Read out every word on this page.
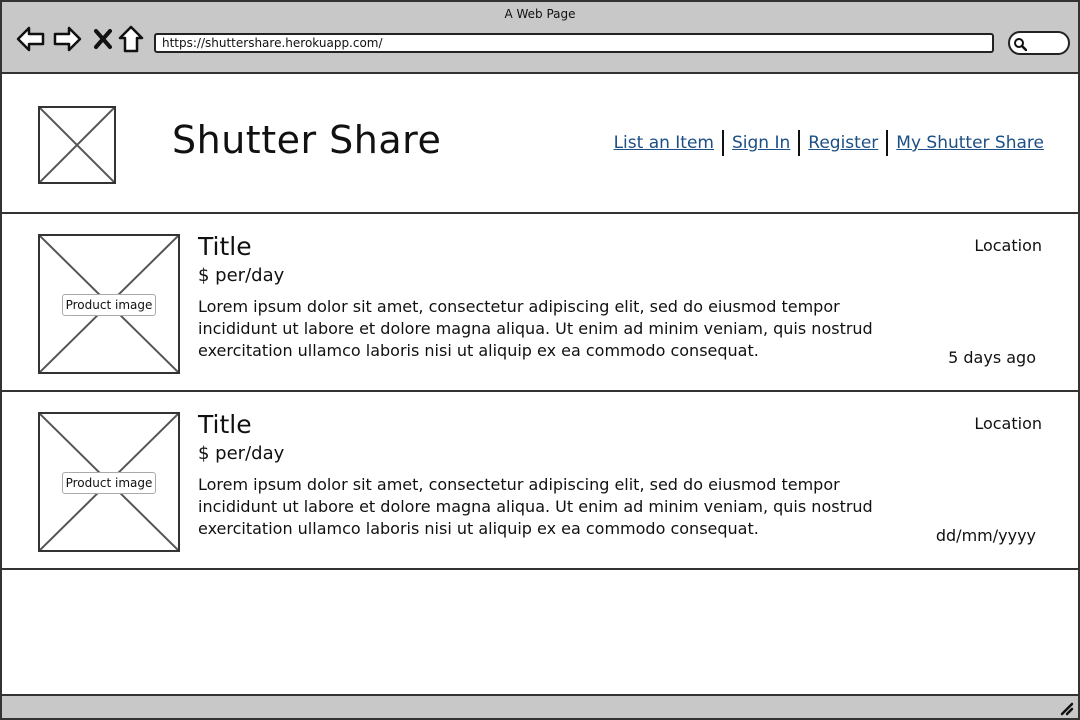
A Web Page
https://shuttershare.herokuapp.com/
Shutter Share	List an Item	Sign In	Register	My Shutter Share
Product image
Title
$ per/day
Lorem ipsum dolor sit amet, consectetur adipiscing elit, sed do eiusmod tempor incididunt ut labore et dolore magna aliqua. Ut enim ad minim veniam, quis nostrud exercitation ullamco laboris nisi ut aliquip ex ea commodo consequat.
Location
5 days ago
Product image
Title
$ per/day
Lorem ipsum dolor sit amet, consectetur adipiscing elit, sed do eiusmod tempor incididunt ut labore et dolore magna aliqua. Ut enim ad minim veniam, quis nostrud exercitation ullamco laboris nisi ut aliquip ex ea commodo consequat.
Location
dd/mm/yyyy
